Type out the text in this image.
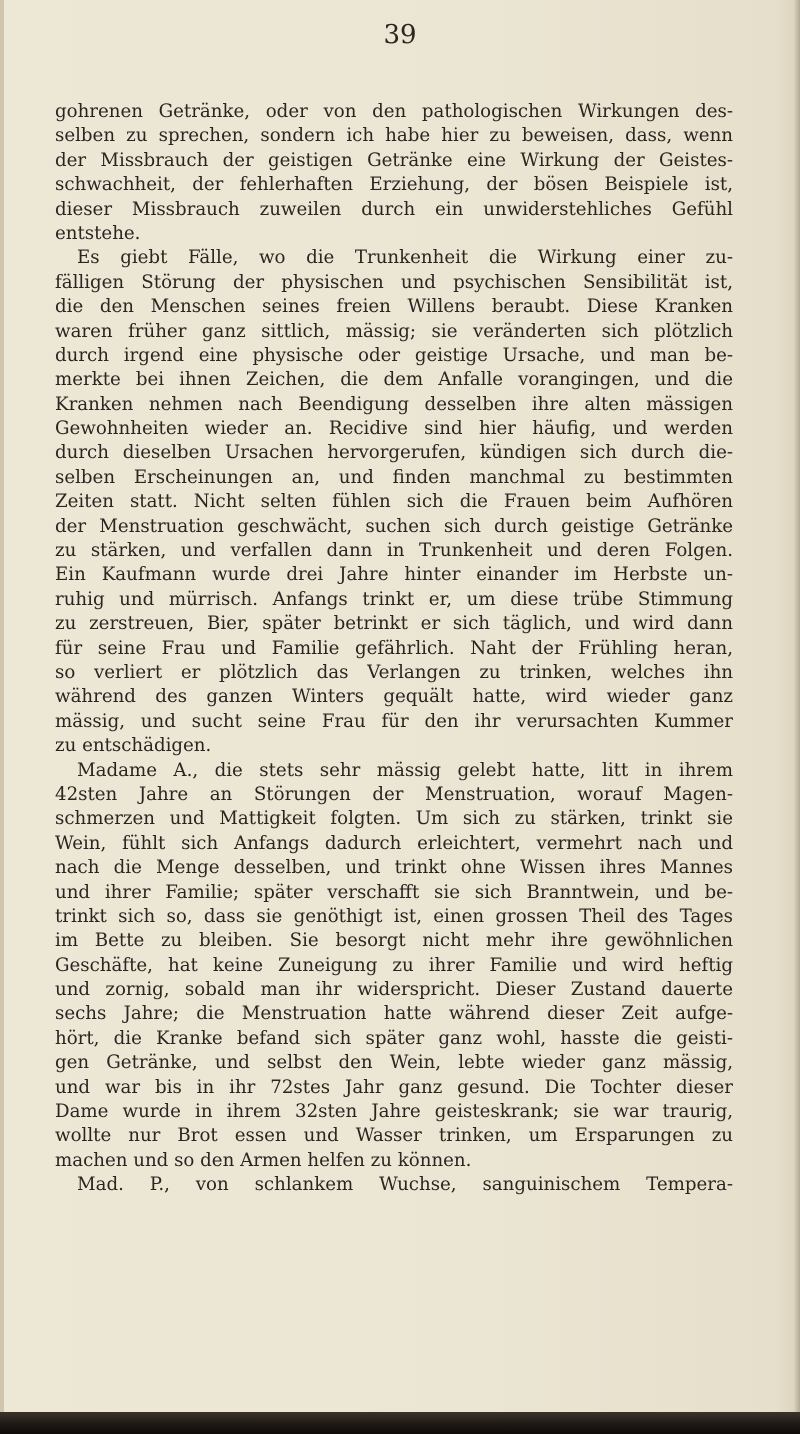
39
gohrenen Getränke, oder von den pathologischen Wirkungen des-
selben zu sprechen, sondern ich habe hier zu beweisen, dass, wenn
der Missbrauch der geistigen Getränke eine Wirkung der Geistes-
schwachheit, der fehlerhaften Erziehung, der bösen Beispiele ist,
dieser Missbrauch zuweilen durch ein unwiderstehliches Gefühl
entstehe.
Es giebt Fälle, wo die Trunkenheit die Wirkung einer zu-
fälligen Störung der physischen und psychischen Sensibilität ist,
die den Menschen seines freien Willens beraubt. Diese Kranken
waren früher ganz sittlich, mässig; sie veränderten sich plötzlich
durch irgend eine physische oder geistige Ursache, und man be-
merkte bei ihnen Zeichen, die dem Anfalle vorangingen, und die
Kranken nehmen nach Beendigung desselben ihre alten mässigen
Gewohnheiten wieder an. Recidive sind hier häufig, und werden
durch dieselben Ursachen hervorgerufen, kündigen sich durch die-
selben Erscheinungen an, und finden manchmal zu bestimmten
Zeiten statt. Nicht selten fühlen sich die Frauen beim Aufhören
der Menstruation geschwächt, suchen sich durch geistige Getränke
zu stärken, und verfallen dann in Trunkenheit und deren Folgen.
Ein Kaufmann wurde drei Jahre hinter einander im Herbste un-
ruhig und mürrisch. Anfangs trinkt er, um diese trübe Stimmung
zu zerstreuen, Bier, später betrinkt er sich täglich, und wird dann
für seine Frau und Familie gefährlich. Naht der Frühling heran,
so verliert er plötzlich das Verlangen zu trinken, welches ihn
während des ganzen Winters gequält hatte, wird wieder ganz
mässig, und sucht seine Frau für den ihr verursachten Kummer
zu entschädigen.
Madame A., die stets sehr mässig gelebt hatte, litt in ihrem
42sten Jahre an Störungen der Menstruation, worauf Magen-
schmerzen und Mattigkeit folgten. Um sich zu stärken, trinkt sie
Wein, fühlt sich Anfangs dadurch erleichtert, vermehrt nach und
nach die Menge desselben, und trinkt ohne Wissen ihres Mannes
und ihrer Familie; später verschafft sie sich Branntwein, und be-
trinkt sich so, dass sie genöthigt ist, einen grossen Theil des Tages
im Bette zu bleiben. Sie besorgt nicht mehr ihre gewöhnlichen
Geschäfte, hat keine Zuneigung zu ihrer Familie und wird heftig
und zornig, sobald man ihr widerspricht. Dieser Zustand dauerte
sechs Jahre; die Menstruation hatte während dieser Zeit aufge-
hört, die Kranke befand sich später ganz wohl, hasste die geisti-
gen Getränke, und selbst den Wein, lebte wieder ganz mässig,
und war bis in ihr 72stes Jahr ganz gesund. Die Tochter dieser
Dame wurde in ihrem 32sten Jahre geisteskrank; sie war traurig,
wollte nur Brot essen und Wasser trinken, um Ersparungen zu
machen und so den Armen helfen zu können.
Mad. P., von schlankem Wuchse, sanguinischem Tempera-
